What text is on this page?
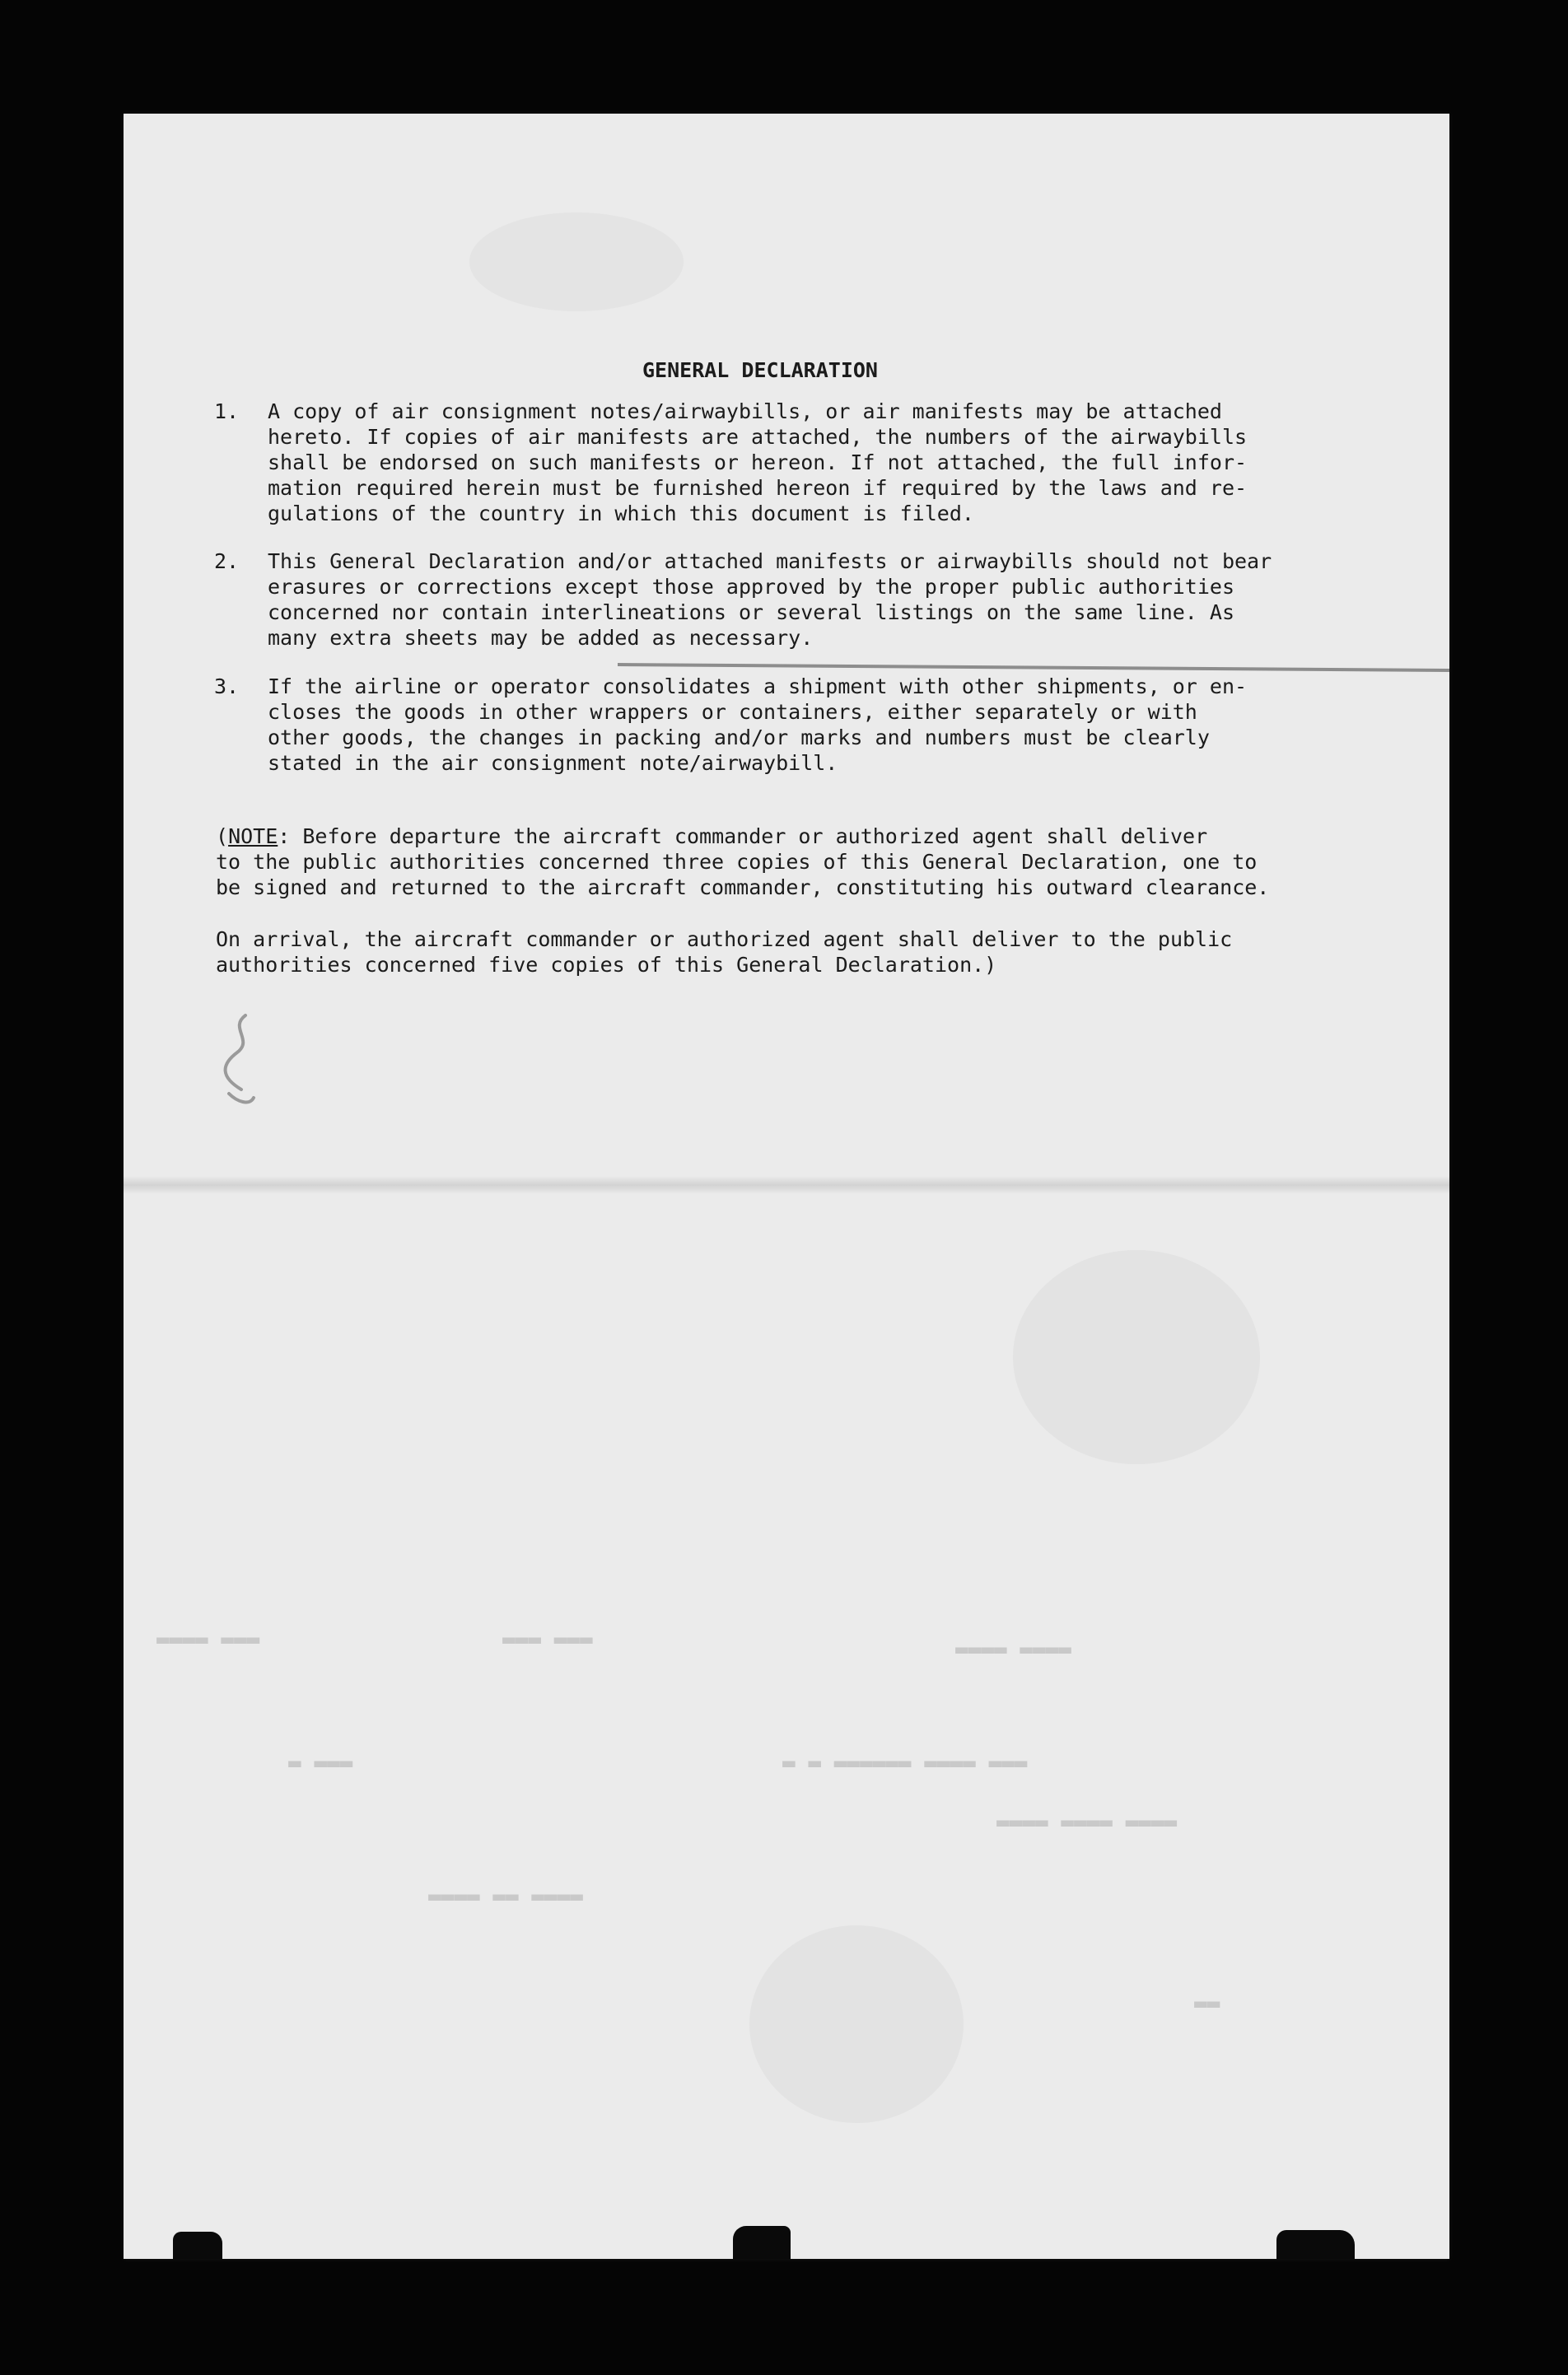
▬▬▬ ▬▬▬▬	▬▬▬ ▬▬▬	▬▬▬▬ ▬▬▬▬
▬▬▬ ▬▬▬▬ ▬▬▬▬▬▬ ▬ ▬
▬▬▬ ▬
▬▬▬▬ ▬▬▬▬ ▬▬▬▬
▬▬▬▬ ▬▬ ▬▬▬▬
▬▬
GENERAL DECLARATION
1.	A copy of air consignment notes/airwaybills, or air manifests may be attached
hereto. If copies of air manifests are attached, the numbers of the airwaybills
shall be endorsed on such manifests or hereon. If not attached, the full infor-
mation required herein must be furnished hereon if required by the laws and re-
gulations of the country in which this document is filed.
2.	This General Declaration and/or attached manifests or airwaybills should not bear
erasures or corrections except those approved by the proper public authorities
concerned nor contain interlineations or several listings on the same line. As
many extra sheets may be added as necessary.
3.	If the airline or operator consolidates a shipment with other shipments, or en-
closes the goods in other wrappers or containers, either separately or with
other goods, the changes in packing and/or marks and numbers must be clearly
stated in the air consignment note/airwaybill.
(NOTE: Before departure the aircraft commander or authorized agent shall deliver
to the public authorities concerned three copies of this General Declaration, one to
be signed and returned to the aircraft commander, constituting his outward clearance.
On arrival, the aircraft commander or authorized agent shall deliver to the public
authorities concerned five copies of this General Declaration.)
